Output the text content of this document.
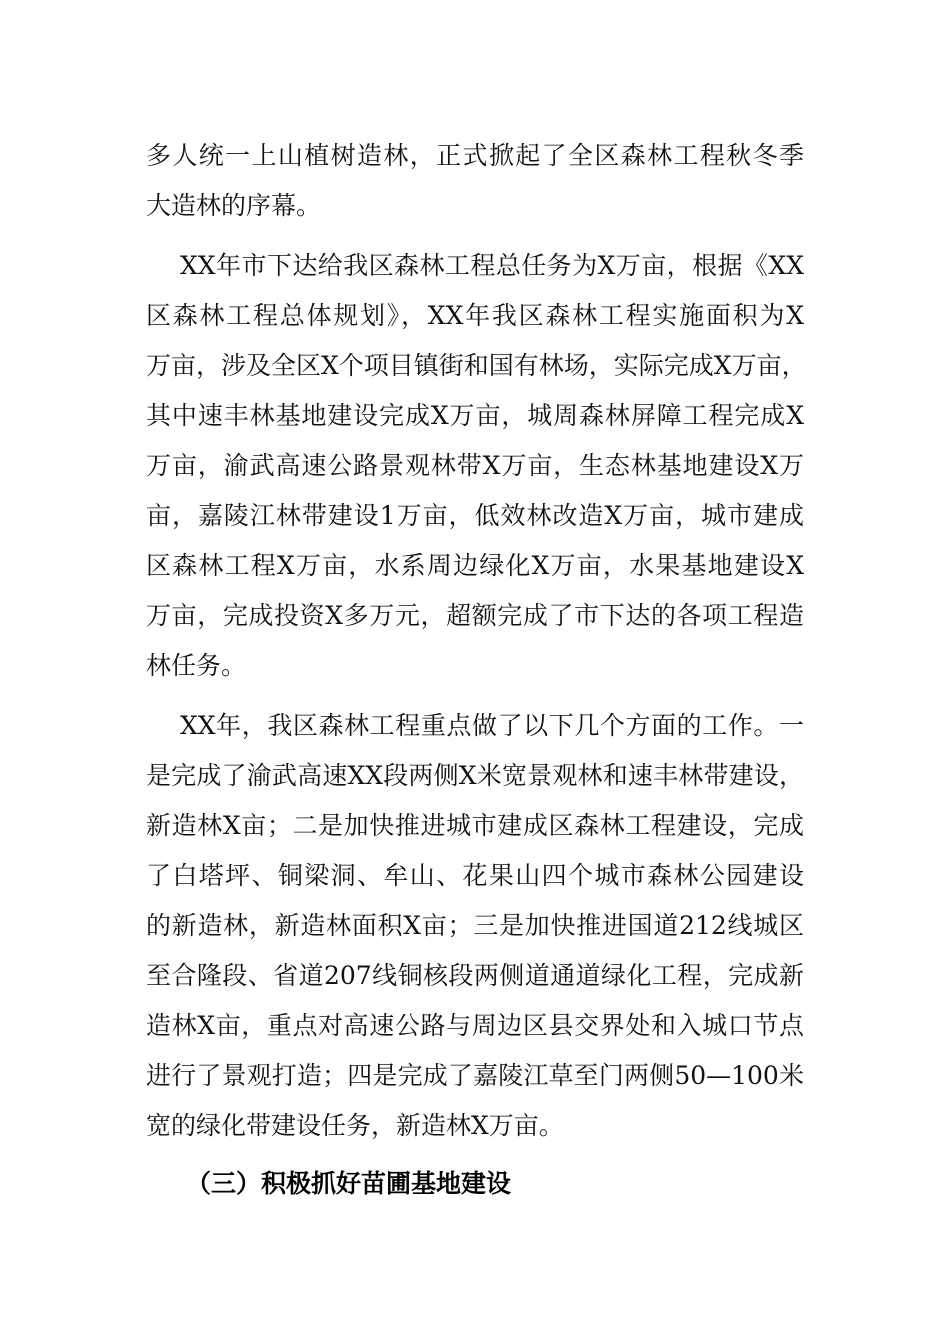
多人统一上山植树造林，正式掀起了全区森林工程秋冬季
大造林的序幕。
XX年市下达给我区森林工程总任务为X万亩，根据《XX
区森林工程总体规划》，XX年我区森林工程实施面积为X
万亩，涉及全区X个项目镇街和国有林场，实际完成X万亩，
其中速丰林基地建设完成X万亩，城周森林屏障工程完成X
万亩，渝武高速公路景观林带X万亩，生态林基地建设X万
亩，嘉陵江林带建设1万亩，低效林改造X万亩，城市建成
区森林工程X万亩，水系周边绿化X万亩，水果基地建设X
万亩，完成投资X多万元，超额完成了市下达的各项工程造
林任务。
XX年，我区森林工程重点做了以下几个方面的工作。一
是完成了渝武高速XX段两侧X米宽景观林和速丰林带建设，
新造林X亩；二是加快推进城市建成区森林工程建设，完成
了白塔坪、铜梁洞、牟山、花果山四个城市森林公园建设
的新造林，新造林面积X亩；三是加快推进国道212线城区
至合隆段、省道207线铜核段两侧道通道绿化工程，完成新
造林X亩，重点对高速公路与周边区县交界处和入城口节点
进行了景观打造；四是完成了嘉陵江草至门两侧50—100米
宽的绿化带建设任务，新造林X万亩。
（三）积极抓好苗圃基地建设
